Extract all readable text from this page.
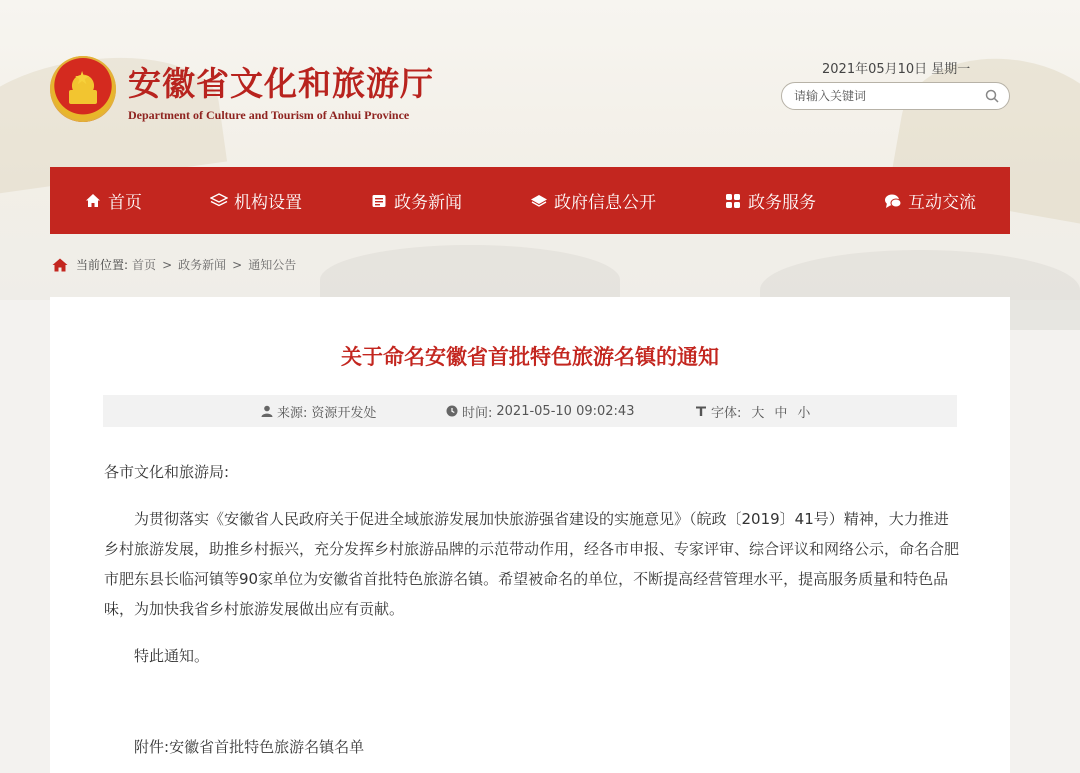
★ 安徽省文化和旅游厅
Department of Culture and Tourism of Anhui Province
2021年05月10日 星期一
请输入关键词
首页	机构设置	政务新闻	政府信息公开	政务服务	互动交流
当前位置: 首页 > 政务新闻 > 通知公告
关于命名安徽省首批特色旅游名镇的通知
来源: 资源开发处	时间: 2021-05-10 09:02:43	字体: 大 中 小

各市文化和旅游局:

为贯彻落实《安徽省人民政府关于促进全域旅游发展加快旅游强省建设的实施意见》（皖政〔2019〕41号）精神，大力推进乡村旅游发展，助推乡村振兴，充分发挥乡村旅游品牌的示范带动作用，经各市申报、专家评审、综合评议和网络公示，命名合肥市肥东县长临河镇等90家单位为安徽省首批特色旅游名镇。希望被命名的单位，不断提高经营管理水平，提高服务质量和特色品味，为加快我省乡村旅游发展做出应有贡献。

特此通知。

附件:安徽省首批特色旅游名镇名单
